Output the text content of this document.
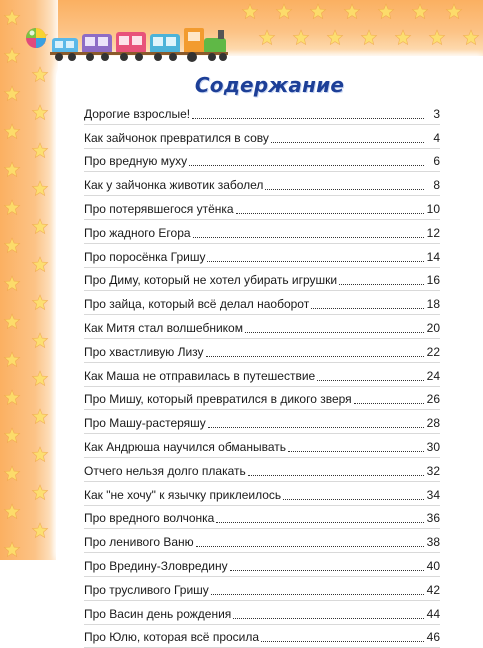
Содержание
Дорогие взрослые!	3
Как зайчонок превратился в сову	4
Про вредную муху	6
Как у зайчонка животик заболел	8
Про потерявшегося утёнка	10
Про жадного Егора	12
Про поросёнка Гришу	14
Про Диму, который не хотел убирать игрушки	16
Про зайца, который всё делал наоборот	18
Как Митя стал волшебником	20
Про хвастливую Лизу	22
Как Маша не отправилась в путешествие	24
Про Мишу, который превратился в дикого зверя	26
Про Машу-растеряшу	28
Как Андрюша научился обманывать	30
Отчего нельзя долго плакать	32
Как "не хочу" к язычку приклеилось	34
Про вредного волчонка	36
Про ленивого Ваню	38
Про Вредину-Зловредину	40
Про трусливого Гришу	42
Про Васин день рождения	44
Про Юлю, которая всё просила	46
